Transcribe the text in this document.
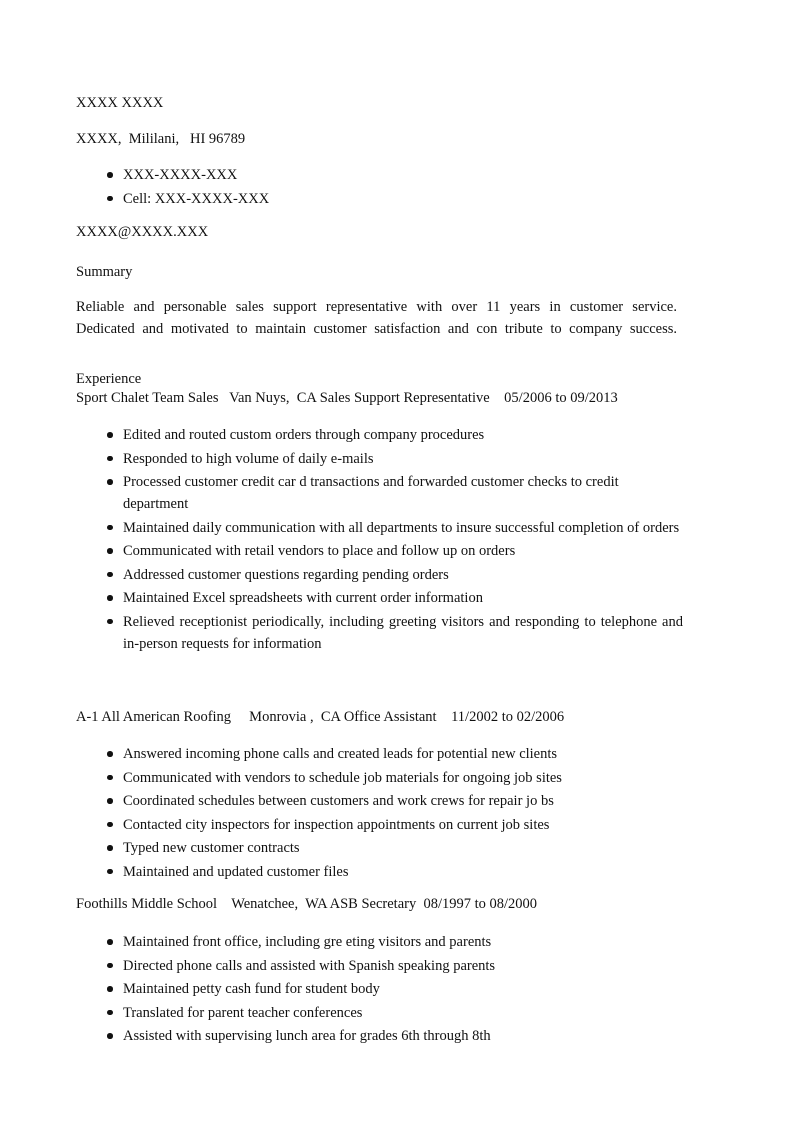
XXXX XXXX
XXXX,  Mililani,   HI 96789
XXX-XXXX-XXX
Cell: XXX-XXXX-XXX
XXXX@XXXX.XXX
Summary
Reliable and personable sales support representative with over 11 years in customer service.
Dedicated and motivated to maintain customer satisfaction and con tribute to company success.
Experience
Sport Chalet Team Sales   Van Nuys,  CA Sales Support Representative    05/2006 to 09/2013
Edited and routed custom orders through company procedures
Responded to high volume of daily e-mails
Processed customer credit car d transactions and forwarded customer checks to credit department
Maintained daily communication with all departments to insure successful completion of orders
Communicated with retail vendors to place and follow up on orders
Addressed customer questions regarding pending orders
Maintained Excel spreadsheets with current order information
Relieved receptionist periodically, including greeting visitors and responding to telephone and in-person requests for information
A-1 All American Roofing     Monrovia ,  CA Office Assistant    11/2002 to 02/2006
Answered incoming phone calls and created leads for potential new clients
Communicated with vendors to schedule job materials for ongoing job sites
Coordinated schedules between customers and work crews for repair jo bs
Contacted city inspectors for inspection appointments on current job sites
Typed new customer contracts
Maintained and updated customer files
Foothills Middle School    Wenatchee,  WA ASB Secretary  08/1997 to 08/2000
Maintained front office, including gre eting visitors and parents
Directed phone calls and assisted with Spanish speaking parents
Maintained petty cash fund for student body
Translated for parent teacher conferences
Assisted with supervising lunch area for grades 6th through 8th
